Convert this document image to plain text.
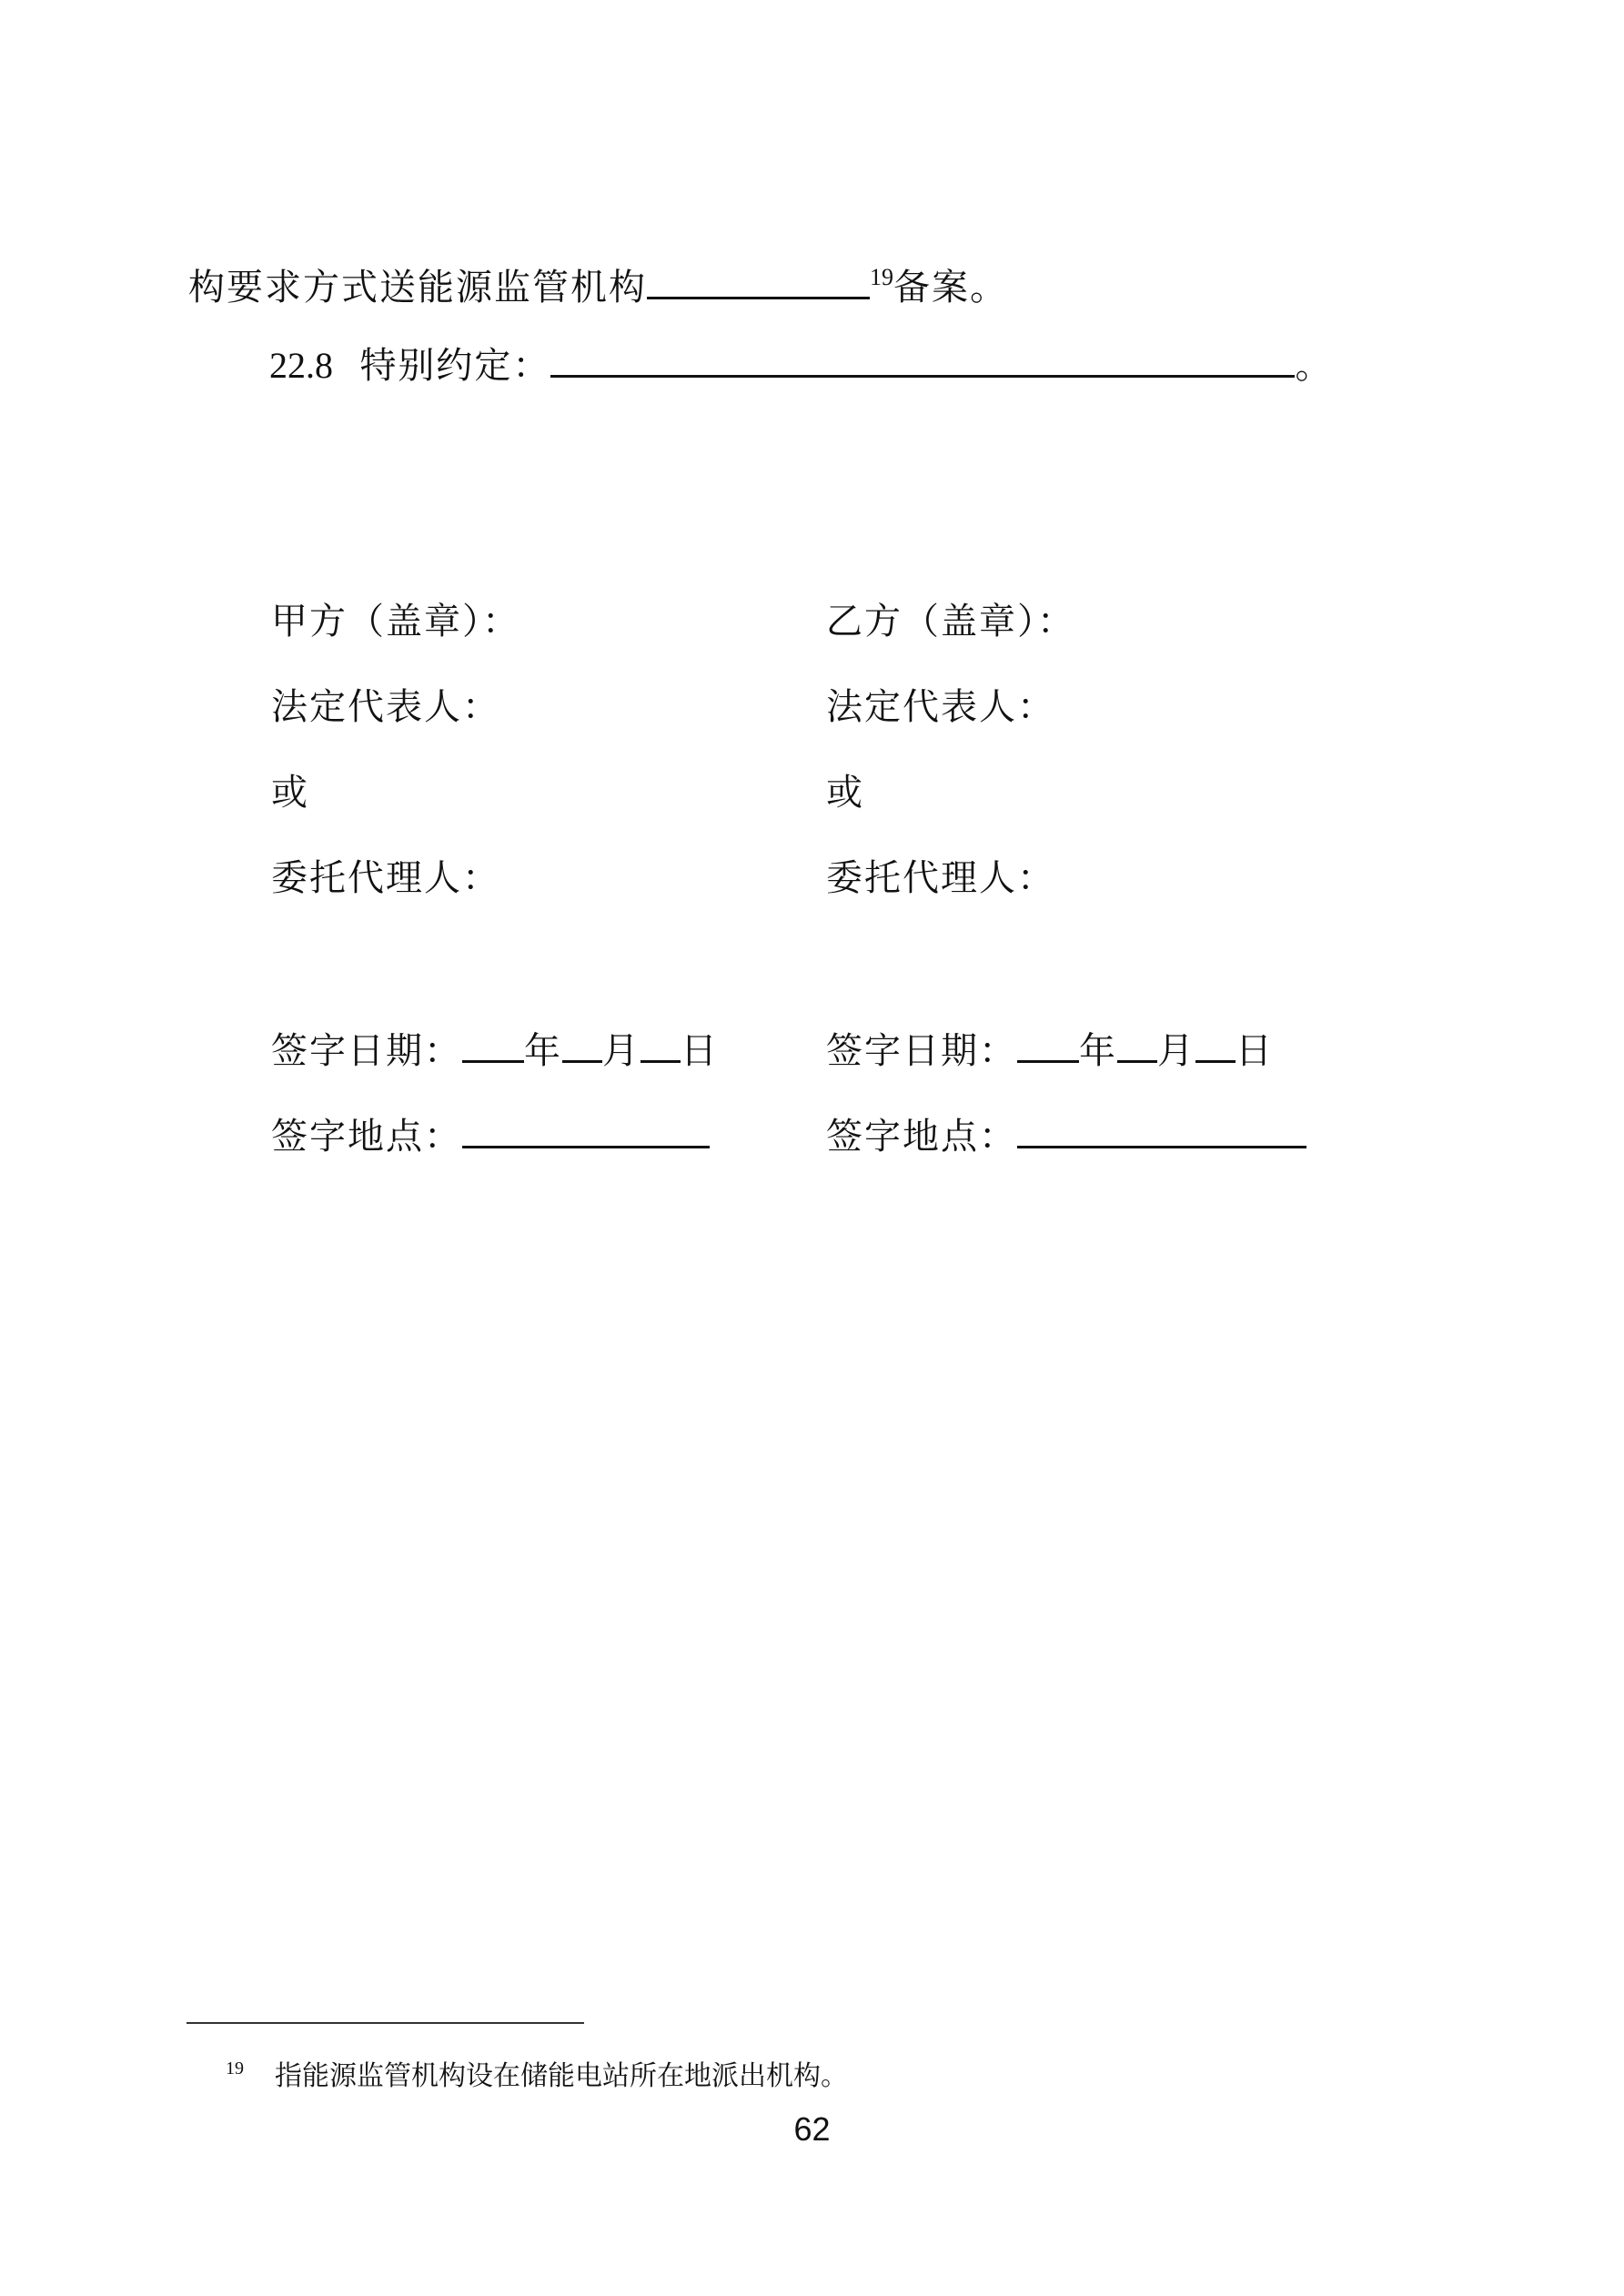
构要求方式送能源监管机构	$^{19}$备案。
22.8 特别约定：	。
甲方（盖章）：
法定代表人：
或
委托代理人：
签字日期： 年 月 日
签字地点：
乙方（盖章）：
法定代表人：
或
委托代理人：
签字日期： 年 月 日
签字地点：
$^{19}$ 指能源监管机构设在储能电站所在地派出机构。
62
